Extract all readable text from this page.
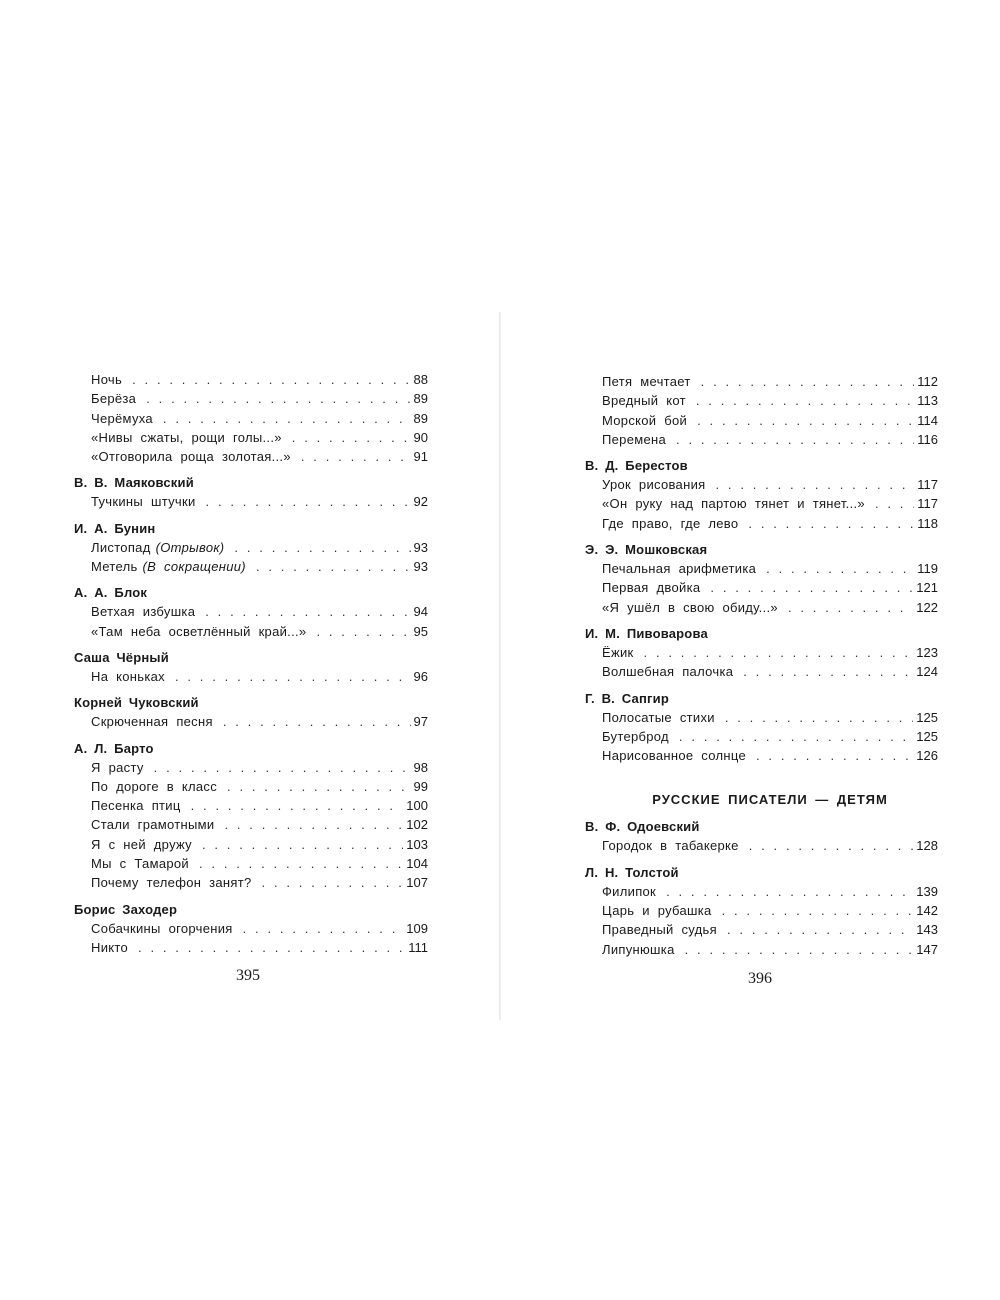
Ночь . . .	88
Берёза . . .	89
Черёмуха . . .	89
«Нивы сжаты, рощи голы...» . . .	90
«Отговорила роща золотая...» . . .	91
В. В. Маяковский
Тучкины штучки . . .	92
И. А. Бунин
Листопад (Отрывок) . . .	93
Метель (В сокращении) . . .	93
А. А. Блок
Ветхая избушка . . .	94
«Там неба осветлённый край...» . . .	95
Саша Чёрный
На коньках . . .	96
Корней Чуковский
Скрюченная песня . . .	97
А. Л. Барто
Я расту . . .	98
По дороге в класс . . .	99
Песенка птиц . . .	100
Стали грамотными . . .	102
Я с ней дружу . . .	103
Мы с Тамарой . . .	104
Почему телефон занят? . . .	107
Борис Заходер
Собачкины огорчения . . .	109
Никто . . .	111
395
Петя мечтает . . .	112
Вредный кот . . .	113
Морской бой . . .	114
Перемена . . .	116
В. Д. Берестов
Урок рисования . . .	117
«Он руку над партою тянет и тянет...» . . .	117
Где право, где лево . . .	118
Э. Э. Мошковская
Печальная арифметика . . .	119
Первая двойка . . .	121
«Я ушёл в свою обиду...» . . .	122
И. М. Пивоварова
Ёжик . . .	123
Волшебная палочка . . .	124
Г. В. Сапгир
Полосатые стихи . . .	125
Бутерброд . . .	125
Нарисованное солнце . . .	126
РУССКИЕ ПИСАТЕЛИ — ДЕТЯМ
В. Ф. Одоевский
Городок в табакерке . . .	128
Л. Н. Толстой
Филипок . . .	139
Царь и рубашка . . .	142
Праведный судья . . .	143
Липунюшка . . .	147
396
